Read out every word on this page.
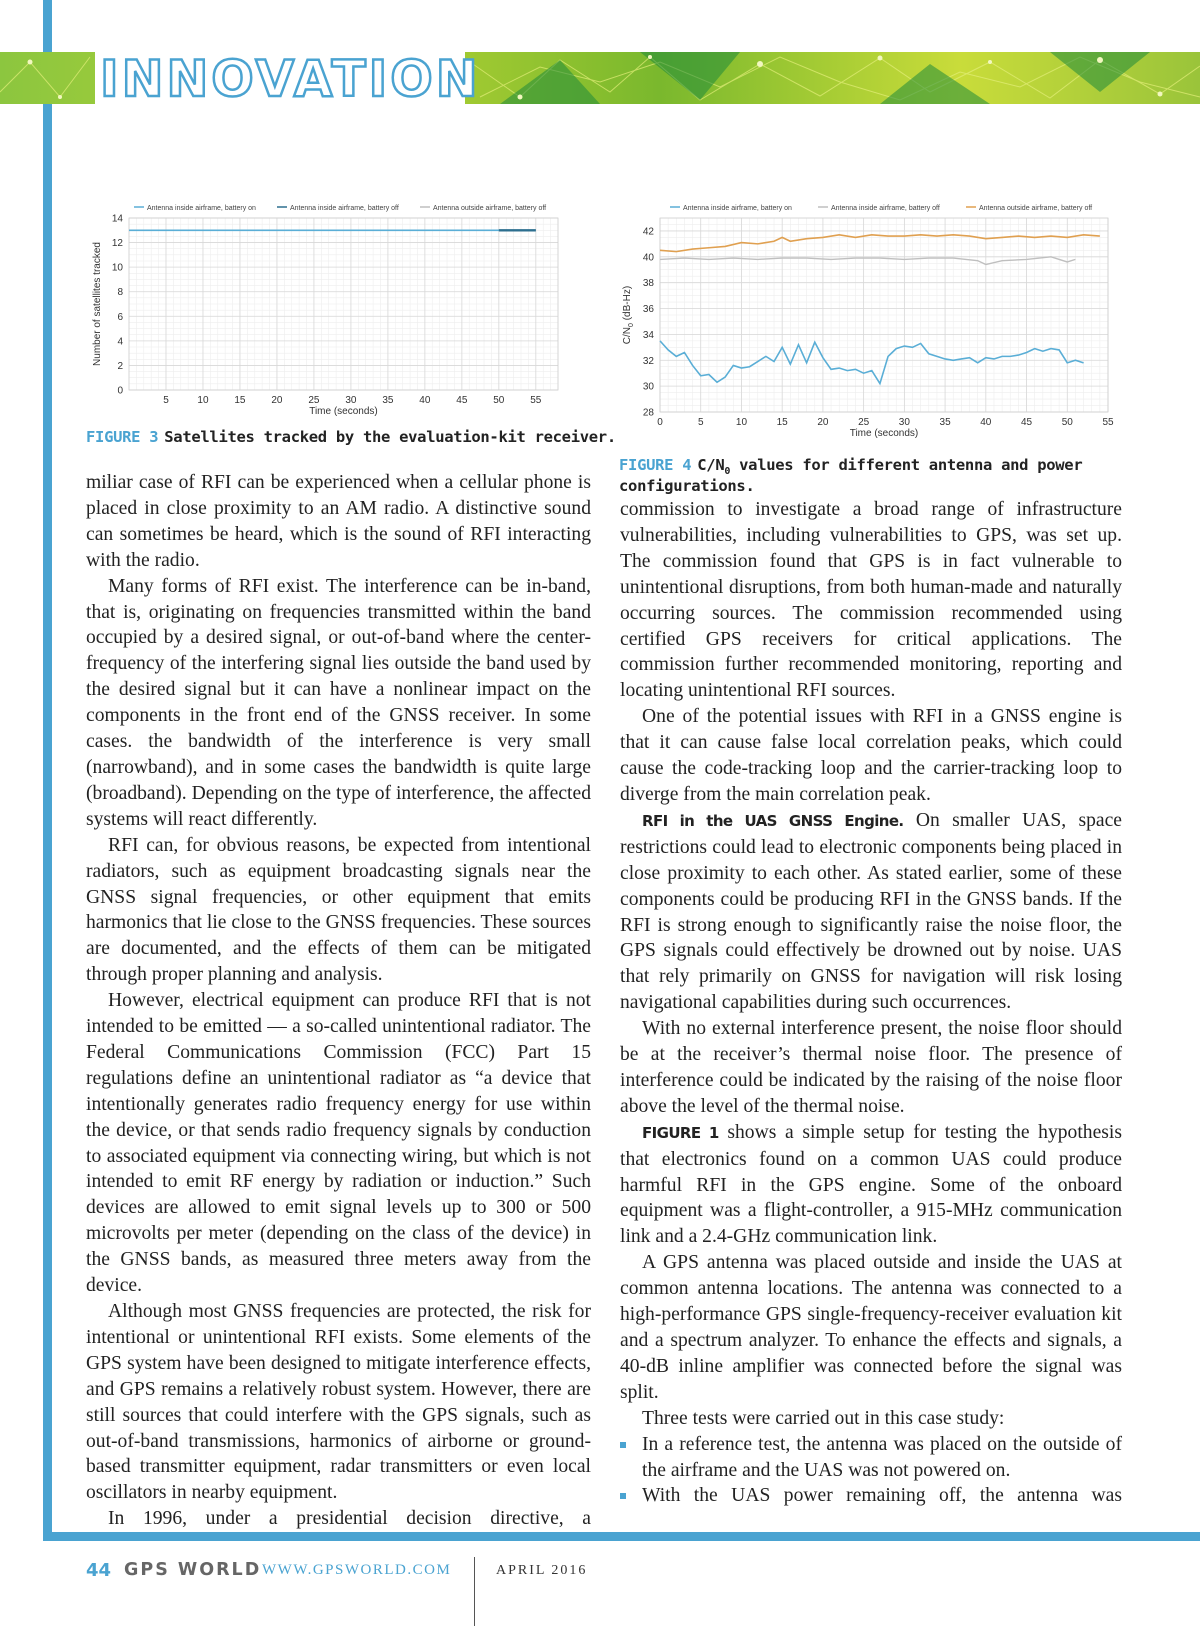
INNOVATION
Antenna inside airframe, battery on	Antenna inside airframe, battery off	Antenna outside airframe, battery off
5	10	15	20	25	30	35	40	45	50	55
0
2
4
6
8
10
12
14
Time (seconds)
Number of satellites tracked
FIGURE 3 Satellites tracked by the evaluation-kit receiver.
Antenna inside airframe, battery on	Antenna inside airframe, battery off	Antenna outside airframe, battery off
0	5	10	15	20	25	30	35	40	45	50	55
28
30
32
34
36
38
40
42
Time (seconds)
$C/N_0$ (dB-Hz)
FIGURE 4 $C/N_0$ values for different antenna and power configurations.

miliar case of RFI can be experienced when a cellular phone is placed in close proximity to an AM radio. A distinctive sound can sometimes be heard, which is the sound of RFI interacting with the radio.

Many forms of RFI exist. The interference can be in-band, that is, originating on frequencies transmitted within the band occupied by a desired signal, or out-of-band where the center-frequency of the interfering signal lies outside the band used by the desired signal but it can have a nonlinear impact on the components in the front end of the GNSS receiver. In some cases. the bandwidth of the interference is very small (narrowband), and in some cases the bandwidth is quite large (broadband). Depending on the type of interference, the affected systems will react differently.

RFI can, for obvious reasons, be expected from intentional radiators, such as equipment broadcasting signals near the GNSS signal frequencies, or other equipment that emits harmonics that lie close to the GNSS frequencies. These sources are documented, and the effects of them can be mitigated through proper planning and analysis.

However, electrical equipment can produce RFI that is not intended to be emitted — a so-called unintentional radiator. The Federal Communications Commission (FCC) Part 15 regulations define an unintentional radiator as “a device that intentionally generates radio frequency energy for use within the device, or that sends radio frequency signals by conduction to associated equipment via connecting wiring, but which is not intended to emit RF energy by radiation or induction.” Such devices are allowed to emit signal levels up to 300 or 500 microvolts per meter (depending on the class of the device) in the GNSS bands, as measured three meters away from the device.

Although most GNSS frequencies are protected, the risk for intentional or unintentional RFI exists. Some elements of the GPS system have been designed to mitigate interference effects, and GPS remains a relatively robust system. However, there are still sources that could interfere with the GPS signals, such as out-of-band transmissions, harmonics of airborne or ground-based transmitter equipment, radar transmitters or even local oscillators in nearby equipment.

In 1996, under a presidential decision directive, a

commission to investigate a broad range of infrastructure vulnerabilities, including vulnerabilities to GPS, was set up. The commission found that GPS is in fact vulnerable to unintentional disruptions, from both human-made and naturally occurring sources. The commission recommended using certified GPS receivers for critical applications. The commission further recommended monitoring, reporting and locating unintentional RFI sources.

One of the potential issues with RFI in a GNSS engine is that it can cause false local correlation peaks, which could cause the code-tracking loop and the carrier-tracking loop to diverge from the main correlation peak.

RFI in the UAS GNSS Engine. On smaller UAS, space restrictions could lead to electronic components being placed in close proximity to each other. As stated earlier, some of these components could be producing RFI in the GNSS bands. If the RFI is strong enough to significantly raise the noise floor, the GPS signals could effectively be drowned out by noise. UAS that rely primarily on GNSS for navigation will risk losing navigational capabilities during such occurrences.

With no external interference present, the noise floor should be at the receiver’s thermal noise floor. The presence of interference could be indicated by the raising of the noise floor above the level of the thermal noise.

FIGURE 1 shows a simple setup for testing the hypothesis that electronics found on a common UAS could produce harmful RFI in the GPS engine. Some of the onboard equipment was a flight-controller, a 915-MHz communication link and a 2.4-GHz communication link.

A GPS antenna was placed outside and inside the UAS at common antenna locations. The antenna was connected to a high-performance GPS single-frequency-receiver evaluation kit and a spectrum analyzer. To enhance the effects and signals, a 40-dB inline amplifier was connected before the signal was split.

Three tests were carried out in this case study:

In a reference test, the antenna was placed on the outside of the airframe and the UAS was not powered on.
With the UAS power remaining off, the antenna was
44 GPS WORLD WWW.GPSWORLD.COM	APRIL 2016
